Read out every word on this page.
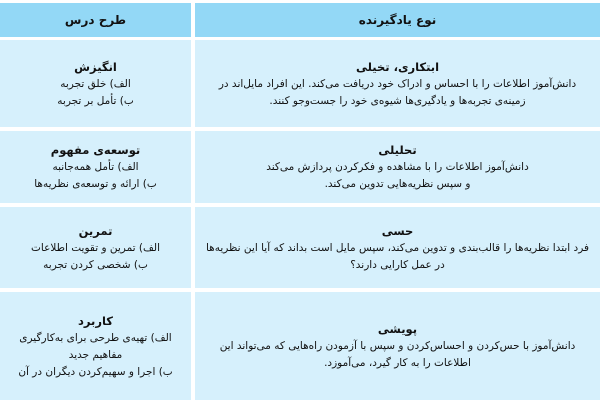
نوع یادگیرنده
طرح درس
ابتکاری، تخیلی
دانش‌آموز اطلاعات را با احساس و ادراک خود دریافت می‌کند. این افراد مایل‌اند در
زمینه‌ی تجربه‌ها و یادگیری‌ها شیوه‌ی خود را جست‌وجو کنند.
انگیزش
الف) خلق تجربه
ب) تأمل بر تجربه
تحلیلی
دانش‌آموز اطلاعات را با مشاهده و فکرکردن پردازش می‌کند
و سپس نظریه‌هایی تدوین می‌کند.
توسعه‌ی مفهوم
الف) تأمل همه‌جانبه
ب) ارائه و توسعه‌ی نظریه‌ها
حسی
فرد ابتدا نظریه‌ها را قالب‌بندی و تدوین می‌کند، سپس مایل است بداند که آیا این نظریه‌ها
در عمل کارایی دارند؟
تمرین
الف) تمرین و تقویت اطلاعات
ب) شخصی کردن تجربه
پویشی
دانش‌آموز با حس‌کردن و احساس‌کردن و سپس با آزمودن راه‌هایی که می‌تواند این
اطلاعات را به کار گیرد، می‌آموزد.
کاربرد
الف) تهیه‌ی طرحی برای به‌کارگیری
مفاهیم جدید
ب) اجرا و سهیم‌کردن دیگران در آن
